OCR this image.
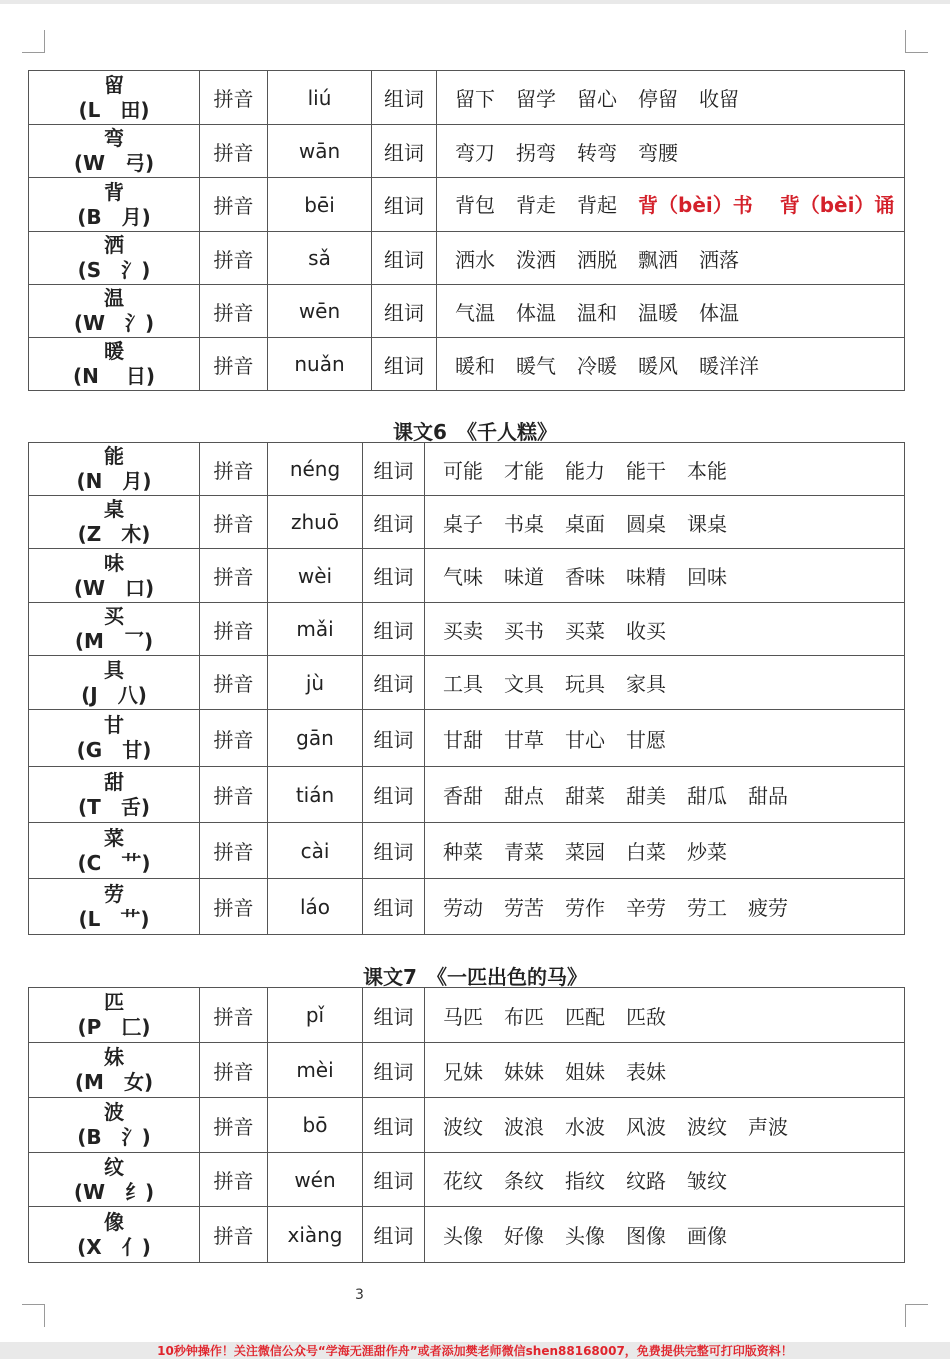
留
(L　田)	拼音	liú	组词	留下 留学 留心 停留 收留

弯
(W　弓)	拼音	wān	组词	弯刀 拐弯 转弯 弯腰

背
(B　月)	拼音	bēi	组词	背包 背走 背起 背（bèi）书　 背（bèi）诵

洒
(S　氵)	拼音	sǎ	组词	洒水 泼洒 洒脱 飘洒 洒落

温
(W　氵)	拼音	wēn	组词	气温 体温 温和 温暖 体温

暖
(N　 日)	拼音	nuǎn	组词	暖和 暖气 冷暖 暖风 暖洋洋
课文6　《千人糕》
能
(N　月)	拼音	néng	组词	可能 才能 能力 能干 本能

桌
(Z　木)	拼音	zhuō	组词	桌子 书桌 桌面 圆桌 课桌

味
(W　口)	拼音	wèi	组词	气味 味道 香味 味精 回味

买
(M　乛)	拼音	mǎi	组词	买卖 买书 买菜 收买

具
(J　八)	拼音	jù	组词	工具 文具 玩具 家具

甘
(G　甘)	拼音	gān	组词	甘甜 甘草 甘心 甘愿

甜
(T　舌)	拼音	tián	组词	香甜 甜点 甜菜 甜美 甜瓜 甜品

菜
(C　艹)	拼音	cài	组词	种菜 青菜 菜园 白菜 炒菜

劳
(L　艹)	拼音	láo	组词	劳动 劳苦 劳作 辛劳 劳工 疲劳
课文7　《一匹出色的马》
匹
(P　匚)	拼音	pǐ	组词	马匹 布匹 匹配 匹敌

妹
(M　女)	拼音	mèi	组词	兄妹 妹妹 姐妹 表妹

波
(B　氵)	拼音	bō	组词	波纹 波浪 水波 风波 波纹 声波

纹
(W　纟)	拼音	wén	组词	花纹 条纹 指纹 纹路 皱纹

像
(X　亻)	拼音	xiàng	组词	头像 好像 头像 图像 画像
3
10秒钟操作！关注微信公众号“学海无涯甜作舟”或者添加樊老师微信shen88168007，免费提供完整可打印版资料！
